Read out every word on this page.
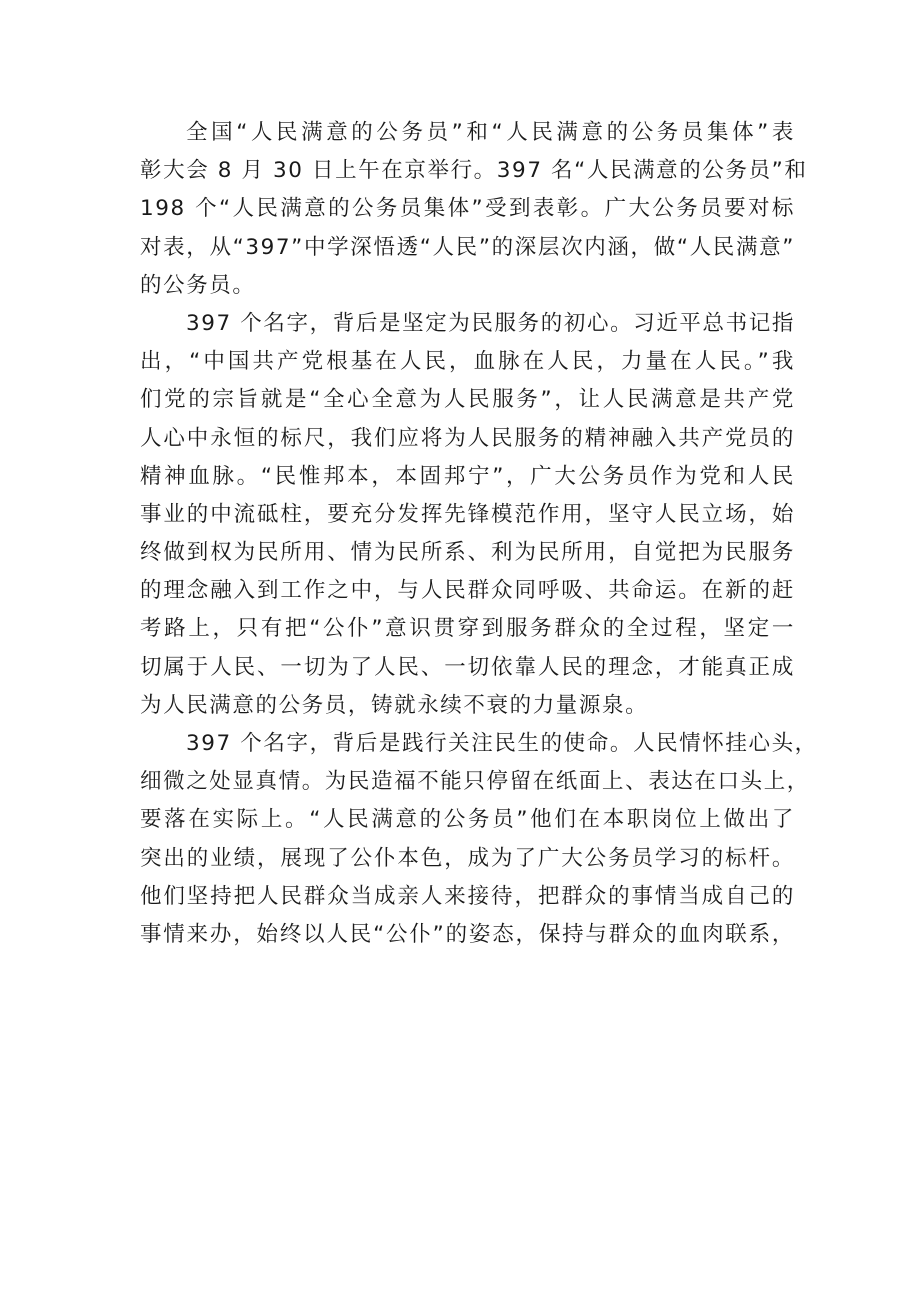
全国“人民满意的公务员”和“人民满意的公务员集体”表
彰大会 8 月 30 日上午在京举行。397 名“人民满意的公务员”和
198 个“人民满意的公务员集体”受到表彰。广大公务员要对标
对表，从“397”中学深悟透“人民”的深层次内涵，做“人民满意”
的公务员。
397 个名字，背后是坚定为民服务的初心。习近平总书记指
出，“中国共产党根基在人民，血脉在人民，力量在人民。”我
们党的宗旨就是“全心全意为人民服务”，让人民满意是共产党
人心中永恒的标尺，我们应将为人民服务的精神融入共产党员的
精神血脉。“民惟邦本，本固邦宁”，广大公务员作为党和人民
事业的中流砥柱，要充分发挥先锋模范作用，坚守人民立场，始
终做到权为民所用、情为民所系、利为民所用，自觉把为民服务
的理念融入到工作之中，与人民群众同呼吸、共命运。在新的赶
考路上，只有把“公仆”意识贯穿到服务群众的全过程，坚定一
切属于人民、一切为了人民、一切依靠人民的理念，才能真正成
为人民满意的公务员，铸就永续不衰的力量源泉。
397 个名字，背后是践行关注民生的使命。人民情怀挂心头，
细微之处显真情。为民造福不能只停留在纸面上、表达在口头上，
要落在实际上。“人民满意的公务员”他们在本职岗位上做出了
突出的业绩，展现了公仆本色，成为了广大公务员学习的标杆。
他们坚持把人民群众当成亲人来接待，把群众的事情当成自己的
事情来办，始终以人民“公仆”的姿态，保持与群众的血肉联系，
